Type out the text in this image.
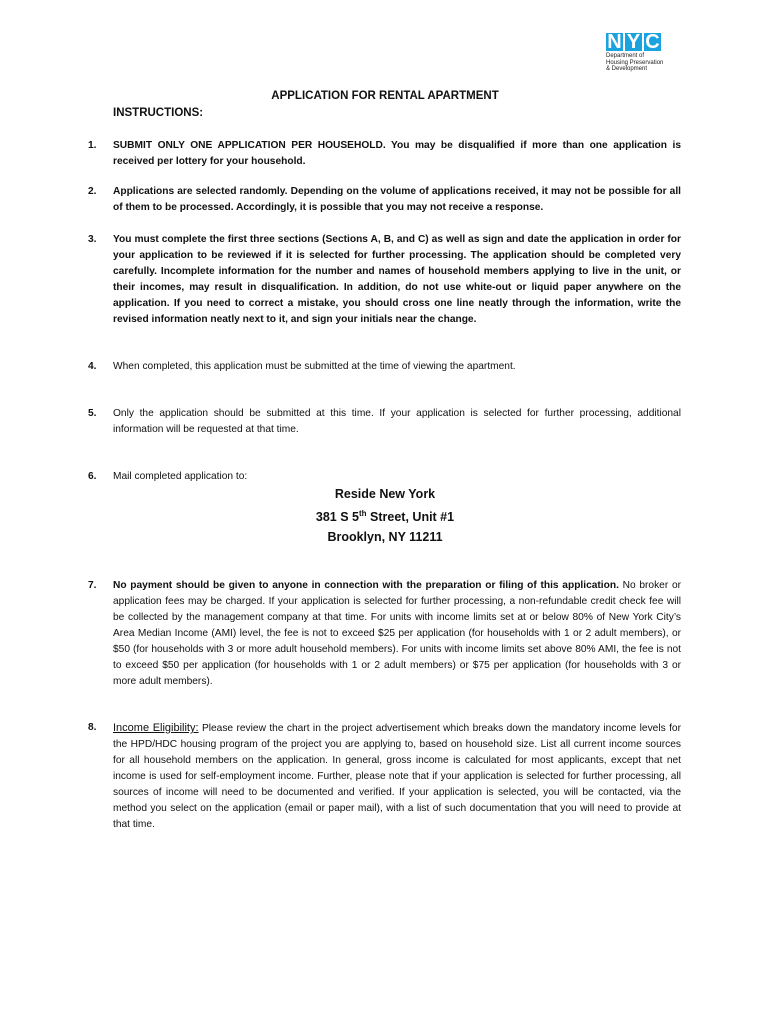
N Y C
Department of
Housing Preservation
& Development
APPLICATION FOR RENTAL APARTMENT
INSTRUCTIONS:
1. SUBMIT ONLY ONE APPLICATION PER HOUSEHOLD. You may be disqualified if more than one application is received per lottery for your household.
2. Applications are selected randomly. Depending on the volume of applications received, it may not be possible for all of them to be processed. Accordingly, it is possible that you may not receive a response.
3. You must complete the first three sections (Sections A, B, and C) as well as sign and date the application in order for your application to be reviewed if it is selected for further processing. The application should be completed very carefully. Incomplete information for the number and names of household members applying to live in the unit, or their incomes, may result in disqualification. In addition, do not use white-out or liquid paper anywhere on the application. If you need to correct a mistake, you should cross one line neatly through the information, write the revised information neatly next to it, and sign your initials near the change.
4. When completed, this application must be submitted at the time of viewing the apartment.
5. Only the application should be submitted at this time. If your application is selected for further processing, additional information will be requested at that time.
6. Mail completed application to:
Reside New York
381 S 5th Street, Unit #1
Brooklyn, NY 11211
7. No payment should be given to anyone in connection with the preparation or filing of this application. No broker or application fees may be charged. If your application is selected for further processing, a non-refundable credit check fee will be collected by the management company at that time. For units with income limits set at or below 80% of New York City’s Area Median Income (AMI) level, the fee is not to exceed $25 per application (for households with 1 or 2 adult members), or $50 (for households with 3 or more adult household members). For units with income limits set above 80% AMI, the fee is not to exceed $50 per application (for households with 1 or 2 adult members) or $75 per application (for households with 3 or more adult members).
8. Income Eligibility: Please review the chart in the project advertisement which breaks down the mandatory income levels for the HPD/HDC housing program of the project you are applying to, based on household size. List all current income sources for all household members on the application. In general, gross income is calculated for most applicants, except that net income is used for self-employment income. Further, please note that if your application is selected for further processing, all sources of income will need to be documented and verified. If your application is selected, you will be contacted, via the method you select on the application (email or paper mail), with a list of such documentation that you will need to provide at that time.
